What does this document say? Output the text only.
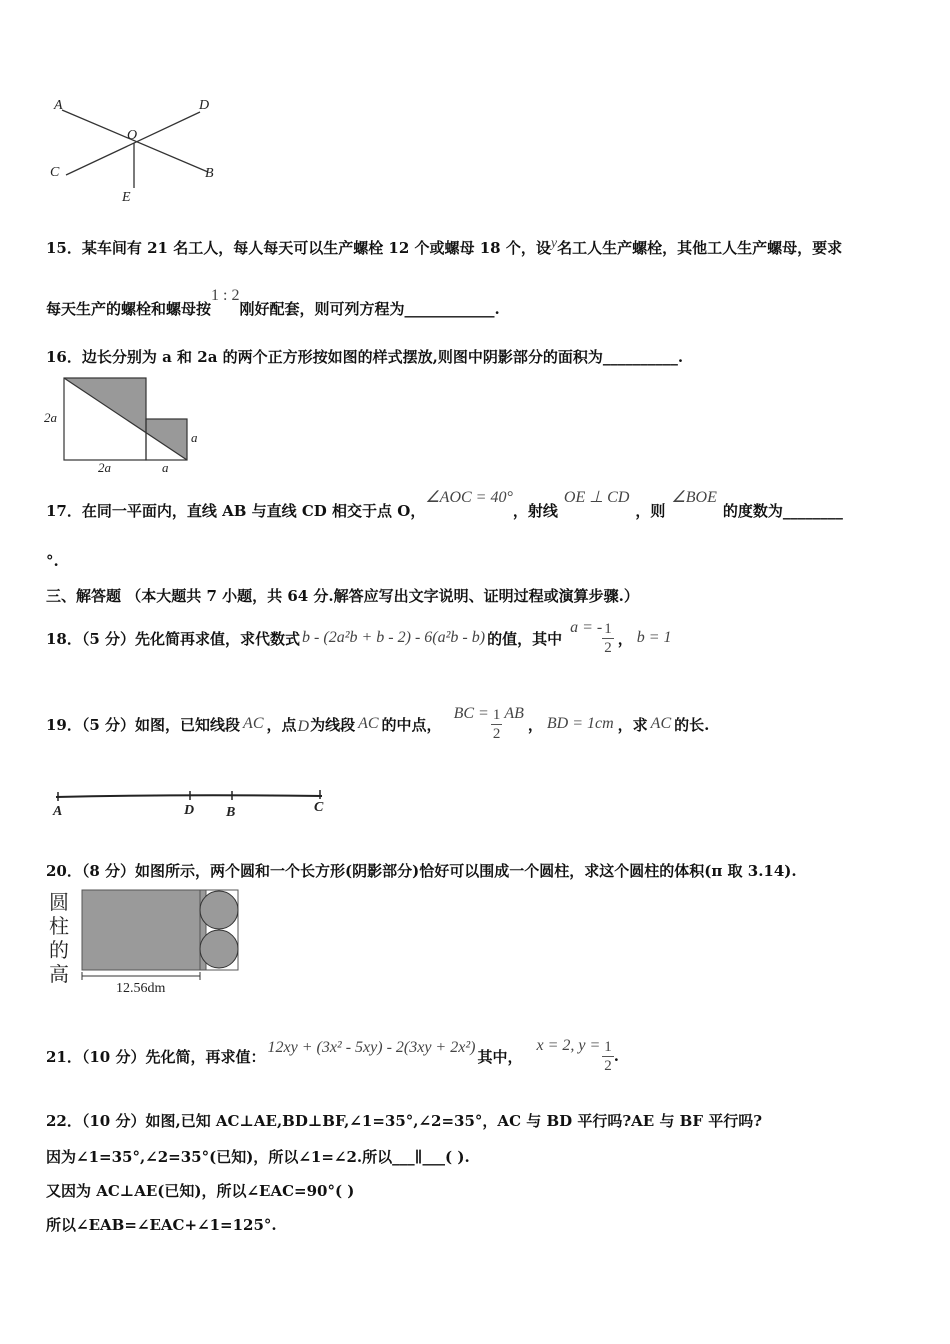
A	D
O
C	B
E
15．某车间有 21 名工人，每人每天可以生产螺栓 12 个或螺母 18 个，设$^y$名工人生产螺栓，其他工人生产螺母，要求
每天生产的螺栓和螺母按1 : 2刚好配套，则可列方程为____________.
16．边长分别为 a 和 2a 的两个正方形按如图的样式摆放,则图中阴影部分的面积为__________.
2a
2a
a
a
17．在同一平面内，直线 AB 与直线 CD 相交于点 O，∠AOC = 40°，射线OE ⊥ CD，则∠BOE的度数为________
°.
三、解答题 （本大题共 7 小题，共 64 分.解答应写出文字说明、证明过程或演算步骤.）
18．（5 分）先化简再求值，求代数式 b - (2a²b + b - 2) - 6(a²b - b) 的值，其中
a = - $\frac{1}{2}$ ， b = 1
19．（5 分）如图，已知线段 AC ，点 D 为线段 AC 的中点，
BC = $\frac{1}{2}$ AB
， BD = 1cm ，求 AC 的长.
A	D B	C
20．（8 分）如图所示，两个圆和一个长方形(阴影部分)恰好可以围成一个圆柱，求这个圆柱的体积(π 取 3.14).
圆
柱
的
高
12.56dm
21．（10 分）先化简，再求值： 12xy + (3x² - 5xy) - 2(3xy + 2x²) 其中，
x = 2, $y = \frac{1}{2}$ .
22．（10 分）如图,已知 AC⊥AE,BD⊥BF,∠1=35°,∠2=35°，AC 与 BD 平行吗?AE 与 BF 平行吗?
因为∠1=35°,∠2=35°(已知)，所以∠1=∠2.所以___∥___( ).
又因为 AC⊥AE(已知)，所以∠EAC=90°( )
所以∠EAB=∠EAC+∠1=125°.
